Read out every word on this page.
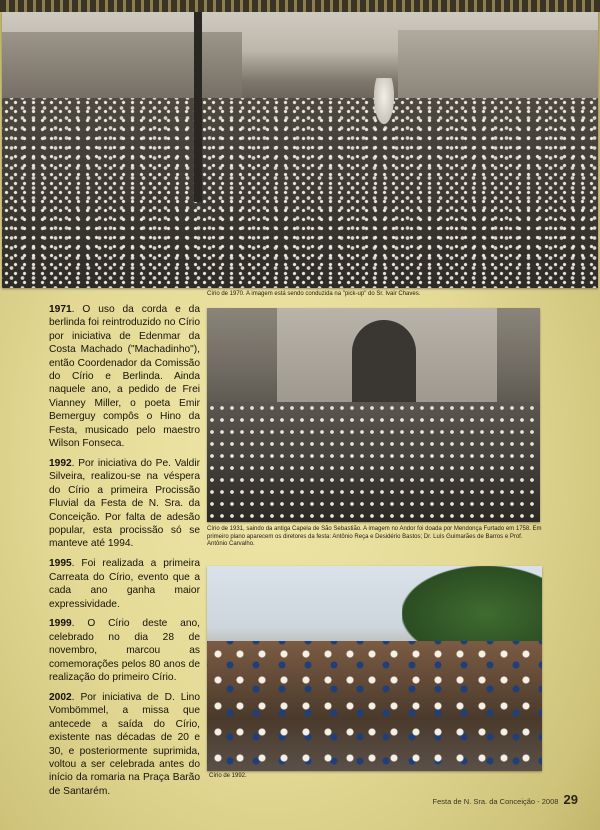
Círio de 1970. A imagem está sendo conduzida na "pick-up" do Sr. Ivair Chaves.

Círio de 1931, saindo da antiga Capela de São Sebastião. A imagem no Andor foi doada por Mendonça Furtado em 1758. Em primeiro plano aparecem os diretores da festa: Antônio Reça e Desidério Bastos; Dr. Luís Guimarães de Barros e Prof. Antônio Carvalho.

Círio de 1992.

1971. O uso da corda e da berlinda foi reintroduzido no Círio por iniciativa de Edenmar da Costa Machado ("Machadinho"), então Coordenador da Comissão do Círio e Berlinda. Ainda naquele ano, a pedido de Frei Vianney Miller, o poeta Emir Bemerguy compôs o Hino da Festa, musicado pelo maestro Wilson Fonseca.

1992. Por iniciativa do Pe. Valdir Silveira, realizou-se na véspera do Círio a primeira Procissão Fluvial da Festa de N. Sra. da Conceição. Por falta de adesão popular, esta procissão só se manteve até 1994.

1995. Foi realizada a primeira Carreata do Círio, evento que a cada ano ganha maior expressividade.

1999. O Círio deste ano, celebrado no dia 28 de novembro, marcou as comemorações pelos 80 anos de realização do primeiro Círio.

2002. Por iniciativa de D. Lino Vombömmel, a missa que antecede a saída do Círio, existente nas décadas de 20 e 30, e posteriormente suprimida, voltou a ser celebrada antes do início da romaria na Praça Barão de Santarém.

Festa de N. Sra. da Conceição - 2008 29
